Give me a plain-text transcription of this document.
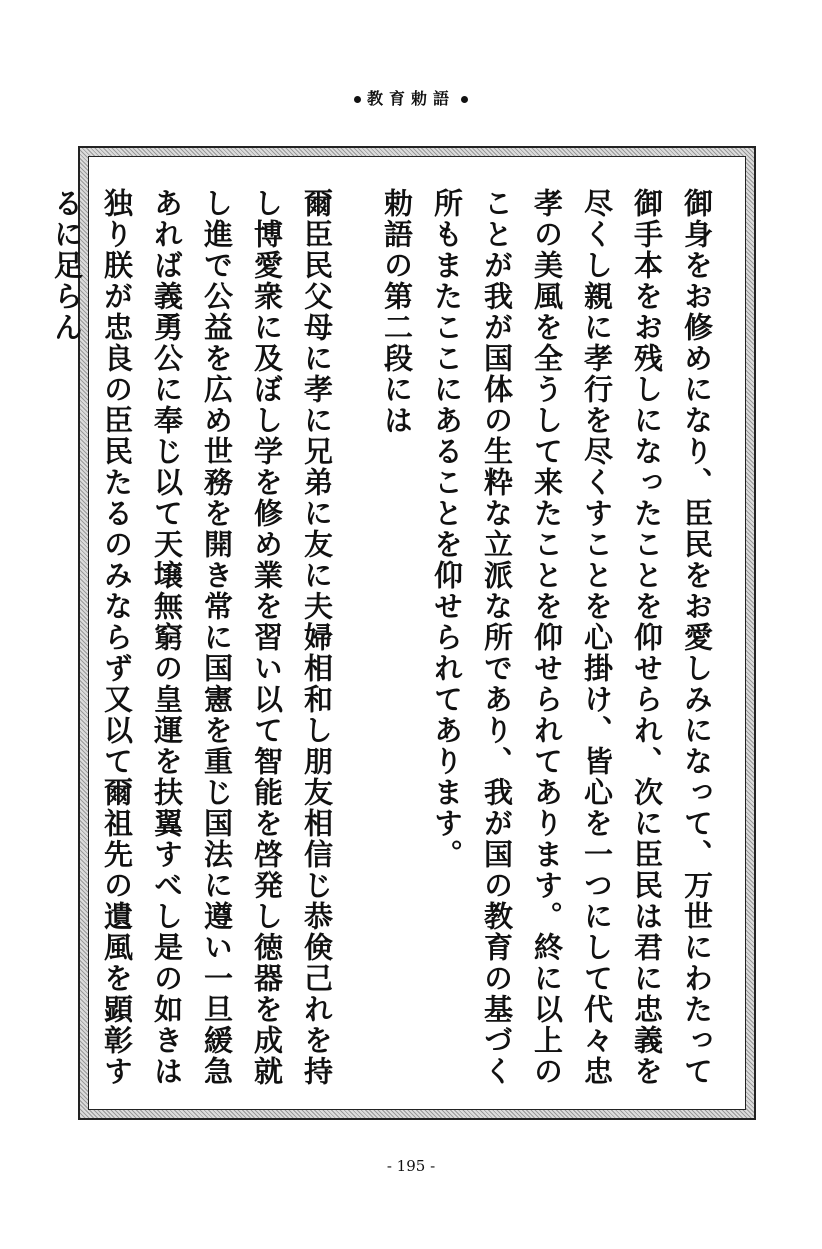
教育勅語

御身をお修めになり、臣民をお愛しみになって、万世にわたって御手本をお残しになったことを仰せられ、次に臣民は君に忠義を尽くし親に孝行を尽くすことを心掛け、皆心を一つにして代々忠孝の美風を全うして来たことを仰せられてあります。終に以上のことが我が国体の生粋な立派な所であり、我が国の教育の基づく所もまたここにあることを仰せられてあります。

勅語の第二段には

爾臣民父母に孝に兄弟に友に夫婦相和し朋友相信じ恭倹己れを持し博愛衆に及ぼし学を修め業を習い以て智能を啓発し徳器を成就し進で公益を広め世務を開き常に国憲を重じ国法に遵い一旦緩急あれば義勇公に奉じ以て天壌無窮の皇運を扶翼すべし是の如きは独り朕が忠良の臣民たるのみならず又以て爾祖先の遺風を顕彰するに足らん

- 195 -
